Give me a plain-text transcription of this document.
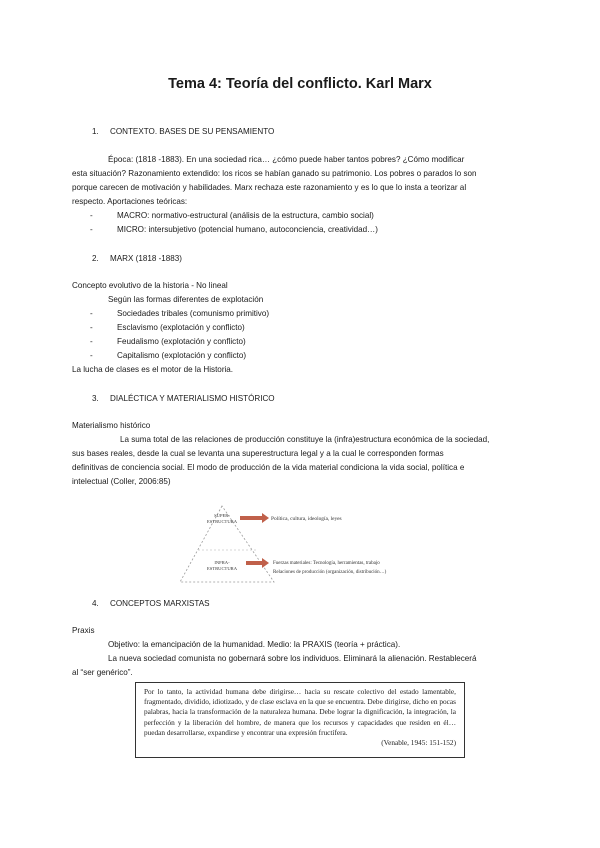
Tema 4: Teoría del conflicto. Karl Marx
1.     CONTEXTO. BASES DE SU PENSAMIENTO
Época: (1818 -1883). En una sociedad rica… ¿cómo puede haber tantos pobres? ¿Cómo modificar
esta situación? Razonamiento extendido: los ricos se habían ganado su patrimonio. Los pobres o parados lo son
porque carecen de motivación y habilidades. Marx rechaza este razonamiento y es lo que lo insta a teorizar al
respecto. Aportaciones teóricas:
-	MACRO: normativo-estructural (análisis de la estructura, cambio social)
-	MICRO: intersubjetivo (potencial humano, autoconciencia, creatividad…)
2.     MARX (1818 -1883)
Concepto evolutivo de la historia - No lineal
Según las formas diferentes de explotación
-	Sociedades tribales (comunismo primitivo)
-	Esclavismo (explotación y conflicto)
-	Feudalismo (explotación y conflicto)
-	Capitalismo (explotación y conflicto)
La lucha de clases es el motor de la Historia.
3.     DIALÉCTICA Y MATERIALISMO HISTÓRICO
Materialismo histórico
La suma total de las relaciones de producción constituye la (infra)estructura económica de la sociedad,
sus bases reales, desde la cual se levanta una superestructura legal y a la cual le corresponden formas
definitivas de conciencia social. El modo de producción de la vida material condiciona la vida social, política e
intelectual (Coller, 2006:85)
SUPER-
ESTRUCTURA
INFRA-
ESTRUCTURA
Política, cultura, ideología, leyes
Fuerzas materiales: Tecnología, herramientas, trabajo
Relaciones de producción (organización, distribución…)
4.     CONCEPTOS MARXISTAS
Praxis
Objetivo: la emancipación de la humanidad. Medio: la PRAXIS (teoría + práctica).
La nueva sociedad comunista no gobernará sobre los individuos. Eliminará la alienación. Restablecerá
al “ser genérico”.
Por lo tanto, la actividad humana debe dirigirse… hacia su rescate colectivo del estado lamentable, fragmentado, dividido, idiotizado, y de clase esclava en la que se encuentra. Debe dirigirse, dicho en pocas palabras, hacia la transformación de la naturaleza humana. Debe lograr la dignificación, la integración, la perfección y la liberación del hombre, de manera que los recursos y capacidades que residen en él… puedan desarrollarse, expandirse y encontrar una expresión fructífera.
(Venable, 1945: 151-152)
